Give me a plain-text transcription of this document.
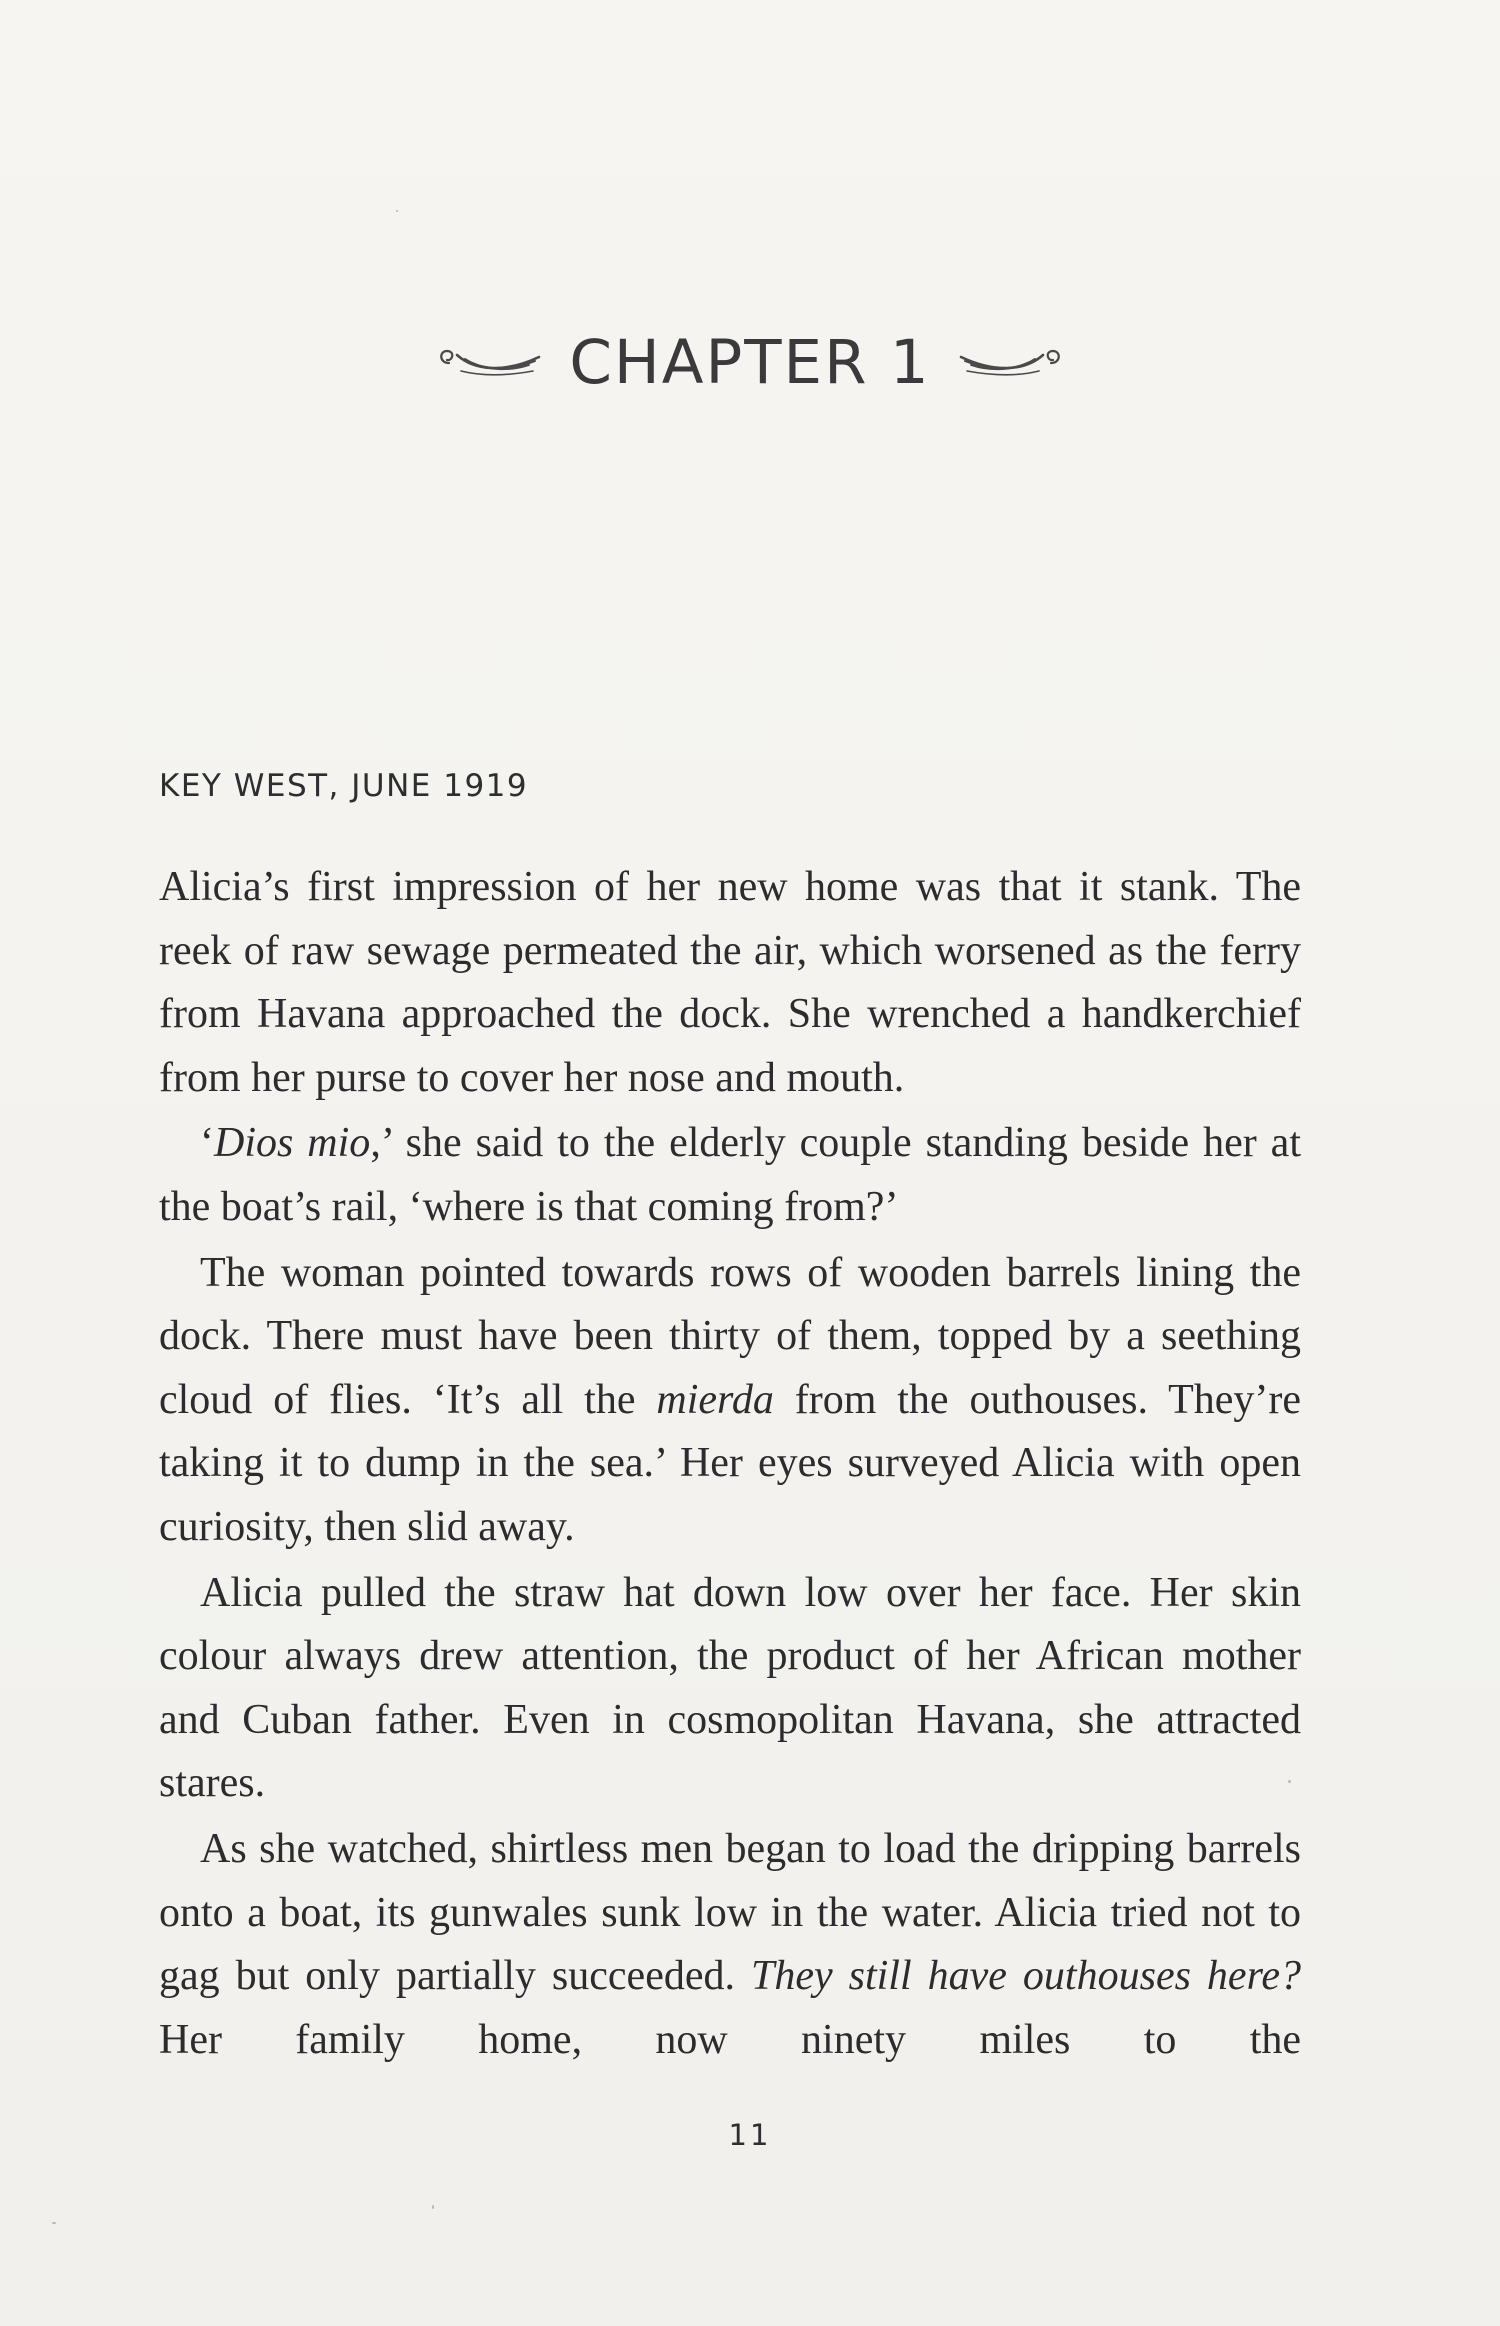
CHAPTER 1
KEY WEST, JUNE 1919

Alicia’s first impression of her new home was that it stank. The reek of raw sewage permeated the air, which worsened as the ferry from Havana approached the dock. She wrenched a handkerchief from her purse to cover her nose and mouth.

‘Dios mio,’ she said to the elderly couple standing beside her at the boat’s rail, ‘where is that coming from?’

The woman pointed towards rows of wooden barrels lining the dock. There must have been thirty of them, topped by a seething cloud of flies. ‘It’s all the mierda from the outhouses. They’re taking it to dump in the sea.’ Her eyes surveyed Alicia with open curiosity, then slid away.

Alicia pulled the straw hat down low over her face. Her skin colour always drew attention, the product of her African mother and Cuban father. Even in cosmopolitan Havana, she attracted stares.

As she watched, shirtless men began to load the dripping barrels onto a boat, its gunwales sunk low in the water. Alicia tried not to gag but only partially succeeded. They still have outhouses here? Her family home, now ninety miles to the

11
